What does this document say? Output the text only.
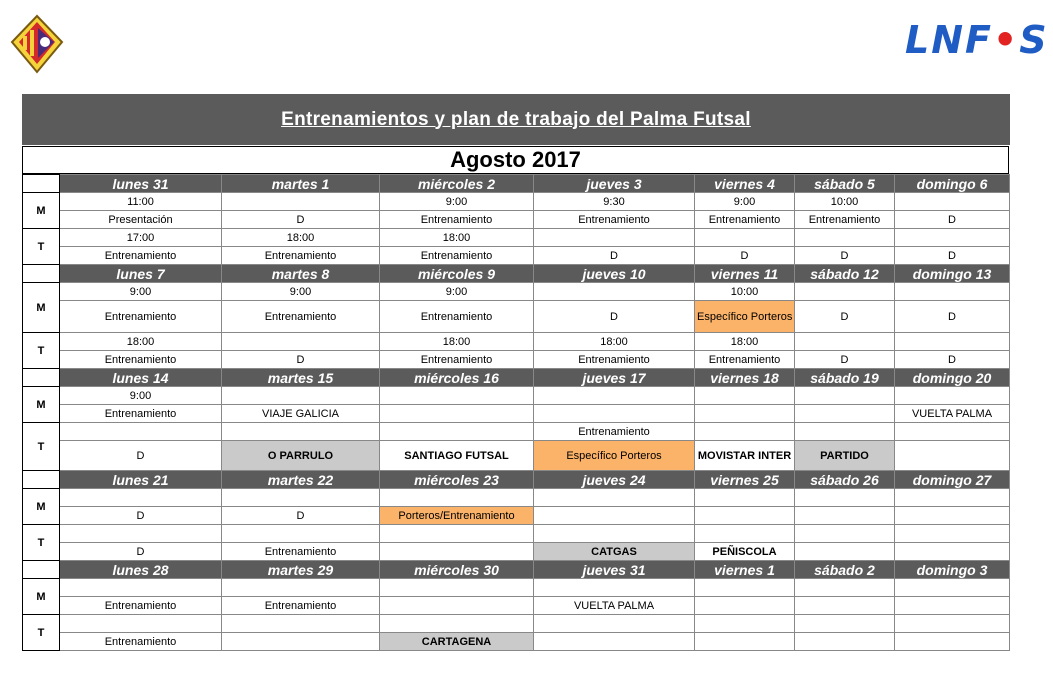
LNF•S
Entrenamientos y plan de trabajo del Palma Futsal
Agosto 2017
	lunes 31	martes 1	miércoles 2	jueves 3	viernes 4	sábado 5	domingo 6
M	11:00		9:00	9:30	9:00	10:00	
	Presentación	D	Entrenamiento	Entrenamiento	Entrenamiento	Entrenamiento	D
T	17:00	18:00	18:00				
	Entrenamiento	Entrenamiento	Entrenamiento	D	D	D	D
	lunes 7	martes 8	miércoles 9	jueves 10	viernes 11	sábado 12	domingo 13
M	9:00	9:00	9:00		10:00		
	Entrenamiento	Entrenamiento	Entrenamiento	D	Específico Porteros	D	D
T	18:00		18:00	18:00	18:00		
	Entrenamiento	D	Entrenamiento	Entrenamiento	Entrenamiento	D	D
	lunes 14	martes 15	miércoles 16	jueves 17	viernes 18	sábado 19	domingo 20
M	9:00						
	Entrenamiento	VIAJE GALICIA					VUELTA PALMA
T				Entrenamiento			
	D	O PARRULO	SANTIAGO FUTSAL	Específico Porteros	MOVISTAR INTER	PARTIDO	
	lunes 21	martes 22	miércoles 23	jueves 24	viernes 25	sábado 26	domingo 27
M							
	D	D	Porteros/Entrenamiento				
T							
	D	Entrenamiento		CATGAS	PEÑISCOLA		
	lunes 28	martes 29	miércoles 30	jueves 31	viernes 1	sábado 2	domingo 3
M							
	Entrenamiento	Entrenamiento		VUELTA PALMA			
T							
	Entrenamiento		CARTAGENA				
